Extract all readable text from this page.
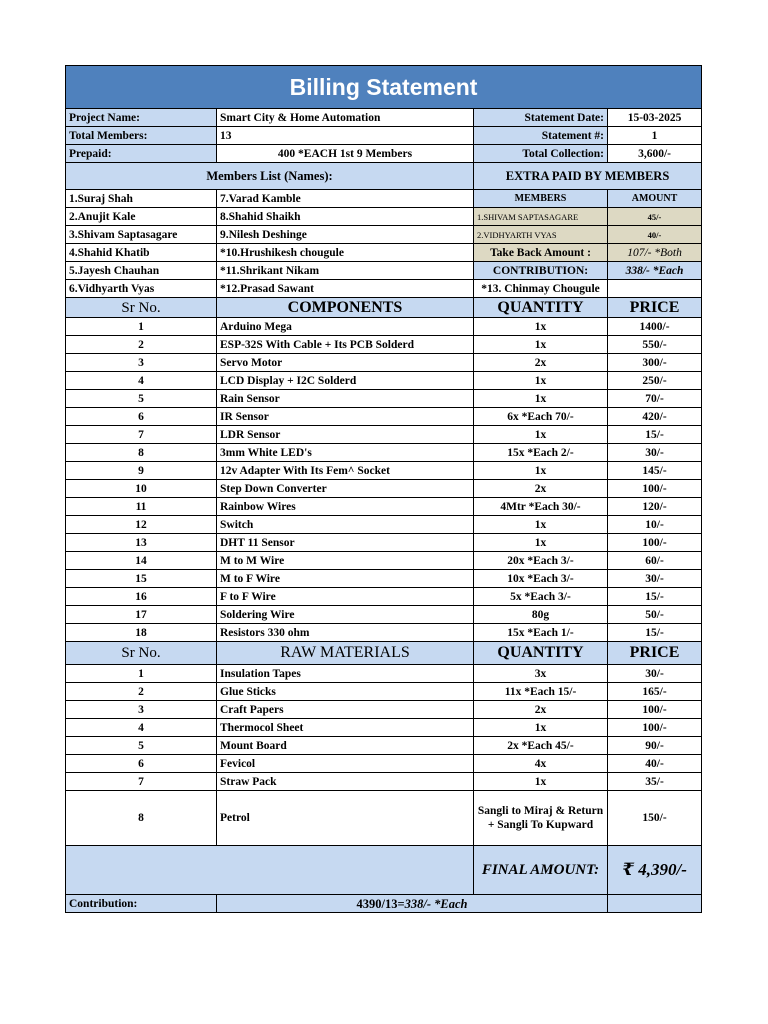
Billing Statement			
Project Name:	Smart City & Home Automation	Statement Date:	15-03-2025
Total Members:	13	Statement #:	1
Prepaid:	400 *EACH 1st 9 Members	Total Collection:	3,600/-
Members List (Names):		EXTRA PAID BY MEMBERS	
1.Suraj Shah	7.Varad Kamble	MEMBERS	AMOUNT
2.Anujit Kale	8.Shahid Shaikh	1.SHIVAM SAPTASAGARE	45/-
3.Shivam Saptasagare	9.Nilesh Deshinge	2.VIDHYARTH VYAS	40/-
4.Shahid Khatib	*10.Hrushikesh chougule	Take Back Amount :	107/- *Both
5.Jayesh Chauhan	*11.Shrikant Nikam	CONTRIBUTION:	338/- *Each
6.Vidhyarth Vyas	*12.Prasad Sawant	*13. Chinmay Chougule	
Sr No.	COMPONENTS	QUANTITY	PRICE
1	Arduino Mega	1x	1400/-
2	ESP-32S With Cable + Its PCB Solderd	1x	550/-
3	Servo Motor	2x	300/-
4	LCD Display + I2C Solderd	1x	250/-
5	Rain Sensor	1x	70/-
6	IR Sensor	6x *Each 70/-	420/-
7	LDR Sensor	1x	15/-
8	3mm White LED's	15x *Each 2/-	30/-
9	12v Adapter With Its Fem^ Socket	1x	145/-
10	Step Down Converter	2x	100/-
11	Rainbow Wires	4Mtr *Each 30/-	120/-
12	Switch	1x	10/-
13	DHT 11 Sensor	1x	100/-
14	M to M Wire	20x *Each 3/-	60/-
15	M to F Wire	10x *Each 3/-	30/-
16	F to F Wire	5x *Each 3/-	15/-
17	Soldering Wire	80g	50/-
18	Resistors 330 ohm	15x *Each 1/-	15/-
Sr No.	RAW MATERIALS	QUANTITY	PRICE
1	Insulation Tapes	3x	30/-
2	Glue Sticks	11x *Each 15/-	165/-
3	Craft Papers	2x	100/-
4	Thermocol Sheet	1x	100/-
5	Mount Board	2x *Each 45/-	90/-
6	Fevicol	4x	40/-
7	Straw Pack	1x	35/-
8	Petrol	Sangli to Miraj & Return + Sangli To Kupward	150/-
		FINAL AMOUNT:	₹ 4,390/-
Contribution:	4390/13=338/- *Each		
